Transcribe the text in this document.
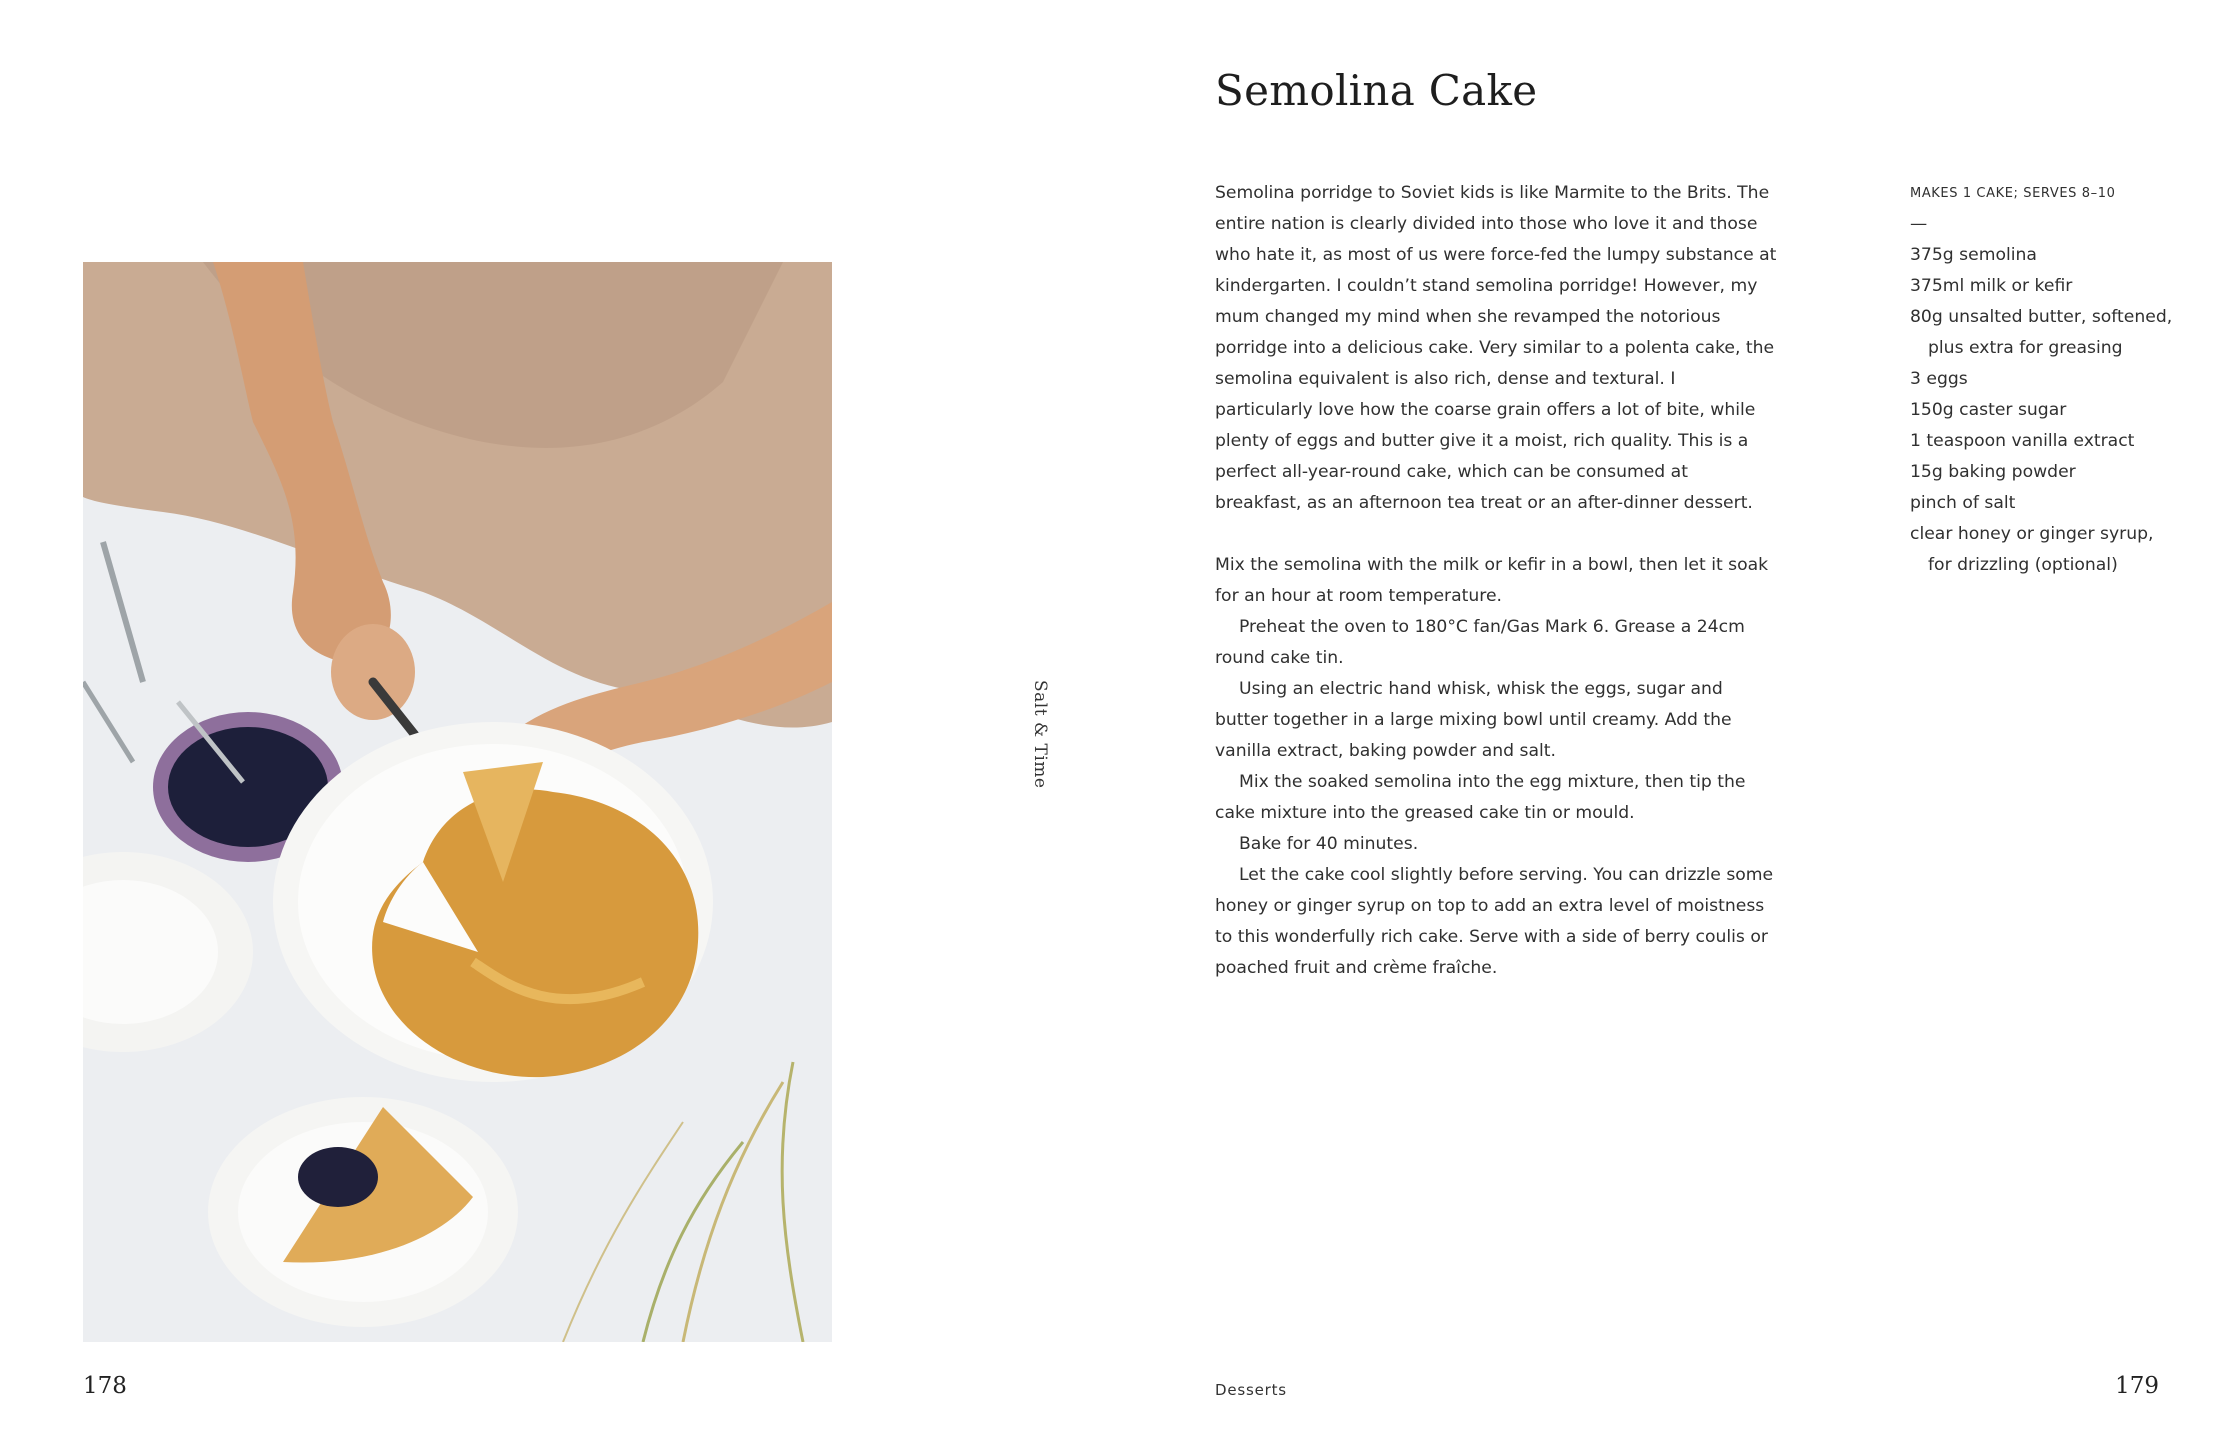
178
Salt & Time
Semolina Cake

Semolina porridge to Soviet kids is like Marmite to the Brits. The entire nation is clearly divided into those who love it and those who hate it, as most of us were force-fed the lumpy substance at kindergarten. I couldn’t stand semolina porridge! However, my mum changed my mind when she revamped the notorious porridge into a delicious cake. Very similar to a polenta cake, the semolina equivalent is also rich, dense and textural. I particularly love how the coarse grain offers a lot of bite, while plenty of eggs and butter give it a moist, rich quality. This is a perfect all-year-round cake, which can be consumed at breakfast, as an afternoon tea treat or an after-dinner dessert.

Mix the semolina with the milk or kefir in a bowl, then let it soak for an hour at room temperature.

Preheat the oven to 180°C fan/Gas Mark 6. Grease a 24cm round cake tin.

Using an electric hand whisk, whisk the eggs, sugar and butter together in a large mixing bowl until creamy. Add the vanilla extract, baking powder and salt.

Mix the soaked semolina into the egg mixture, then tip the cake mixture into the greased cake tin or mould.

Bake for 40 minutes.

Let the cake cool slightly before serving. You can drizzle some honey or ginger syrup on top to add an extra level of moistness to this wonderfully rich cake. Serve with a side of berry coulis or poached fruit and crème fraîche.

MAKES 1 CAKE; SERVES 8–10
—
375g semolina
375ml milk or kefir
80g unsalted butter, softened,
plus extra for greasing
3 eggs
150g caster sugar
1 teaspoon vanilla extract
15g baking powder
pinch of salt
clear honey or ginger syrup,
for drizzling (optional)
Desserts	179
